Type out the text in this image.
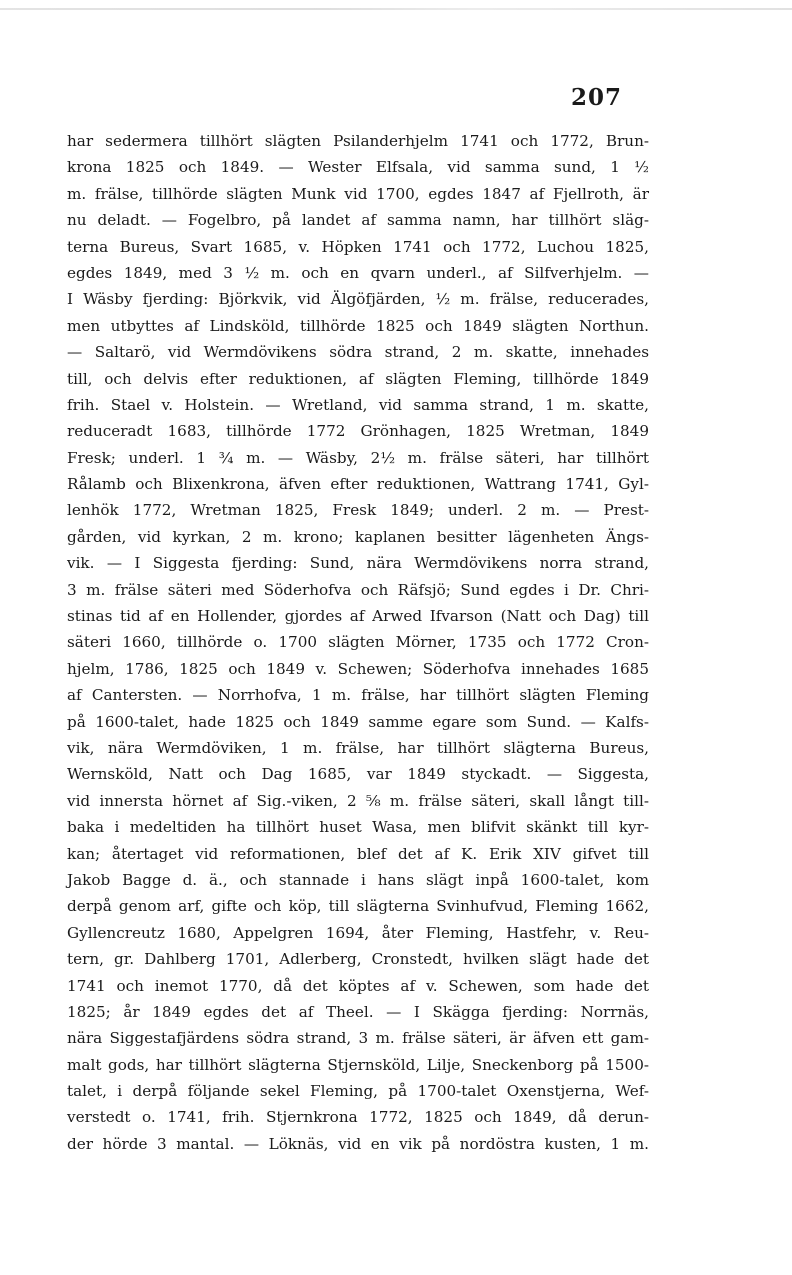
207
har sedermera tillhört slägten Psilanderhjelm 1741 och 1772, Brun-
krona 1825 och 1849. — Wester Elfsala, vid samma sund, 1 ½
m. frälse, tillhörde slägten Munk vid 1700, egdes 1847 af Fjellroth, är
nu deladt. — Fogelbro, på landet af samma namn, har tillhört släg-
terna Bureus, Svart 1685, v. Höpken 1741 och 1772, Luchou 1825,
egdes 1849, med 3 ½ m. och en qvarn underl., af Silfverhjelm. —
I Wäsby fjerding: Björkvik, vid Älgöfjärden, ½ m. frälse, reducerades,
men utbyttes af Lindsköld, tillhörde 1825 och 1849 slägten Northun.
— Saltarö, vid Wermdövikens södra strand, 2 m. skatte, innehades
till, och delvis efter reduktionen, af slägten Fleming, tillhörde 1849
frih. Stael v. Holstein. — Wretland, vid samma strand, 1 m. skatte,
reduceradt 1683, tillhörde 1772 Grönhagen, 1825 Wretman, 1849
Fresk; underl. 1 ¾ m. — Wäsby, 2½ m. frälse säteri, har tillhört
Rålamb och Blixenkrona, äfven efter reduktionen, Wattrang 1741, Gyl-
lenhök 1772, Wretman 1825, Fresk 1849; underl. 2 m. — Prest-
gården, vid kyrkan, 2 m. krono; kaplanen besitter lägenheten Ängs-
vik. — I Siggesta fjerding: Sund, nära Wermdövikens norra strand,
3 m. frälse säteri med Söderhofva och Räfsjö; Sund egdes i Dr. Chri-
stinas tid af en Hollender, gjordes af Arwed Ifvarson (Natt och Dag) till
säteri 1660, tillhörde o. 1700 slägten Mörner, 1735 och 1772 Cron-
hjelm, 1786, 1825 och 1849 v. Schewen; Söderhofva innehades 1685
af Cantersten. — Norrhofva, 1 m. frälse, har tillhört slägten Fleming
på 1600-talet, hade 1825 och 1849 samme egare som Sund. — Kalfs-
vik, nära Wermdöviken, 1 m. frälse, har tillhört slägterna Bureus,
Wernsköld, Natt och Dag 1685, var 1849 styckadt. — Siggesta,
vid innersta hörnet af Sig.-viken, 2 ⅝ m. frälse säteri, skall långt till-
baka i medeltiden ha tillhört huset Wasa, men blifvit skänkt till kyr-
kan; återtaget vid reformationen, blef det af K. Erik XIV gifvet till
Jakob Bagge d. ä., och stannade i hans slägt inpå 1600-talet, kom
derpå genom arf, gifte och köp, till slägterna Svinhufvud, Fleming 1662,
Gyllencreutz 1680, Appelgren 1694, åter Fleming, Hastfehr, v. Reu-
tern, gr. Dahlberg 1701, Adlerberg, Cronstedt, hvilken slägt hade det
1741 och inemot 1770, då det köptes af v. Schewen, som hade det
1825; år 1849 egdes det af Theel. — I Skägga fjerding: Norrnäs,
nära Siggestafjärdens södra strand, 3 m. frälse säteri, är äfven ett gam-
malt gods, har tillhört slägterna Stjernsköld, Lilje, Sneckenborg på 1500-
talet, i derpå följande sekel Fleming, på 1700-talet Oxenstjerna, Wef-
verstedt o. 1741, frih. Stjernkrona 1772, 1825 och 1849, då derun-
der hörde 3 mantal. — Löknäs, vid en vik på nordöstra kusten, 1 m.
